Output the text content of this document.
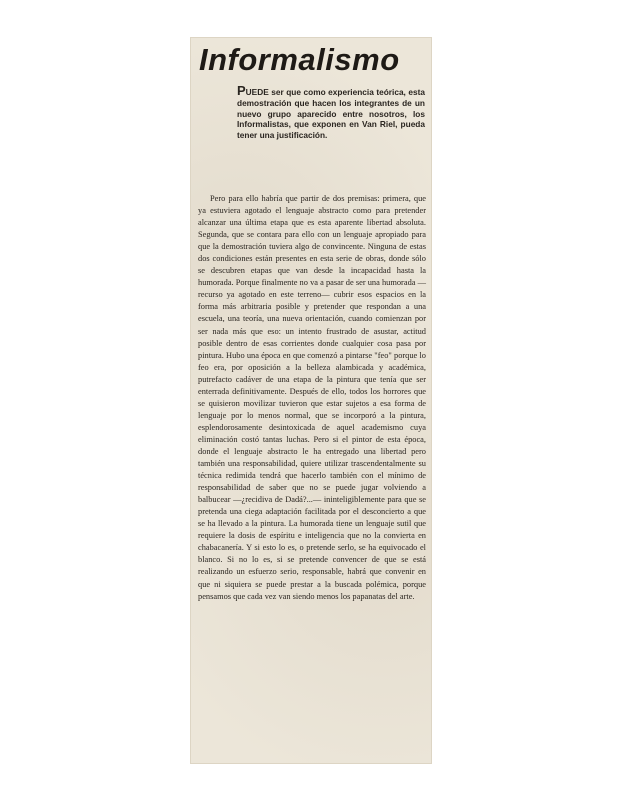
Informalismo

PUEDE ser que como experiencia teórica, esta demostración que hacen los integrantes de un nuevo grupo aparecido entre nosotros, los Informalistas, que exponen en Van Riel, pueda tener una justificación.

Pero para ello habría que partir de dos premisas: primera, que ya estuviera agotado el lenguaje abstracto como para pretender alcanzar una última etapa que es esta aparente libertad absoluta. Segunda, que se contara para ello con un lenguaje apropiado para que la demostración tuviera algo de convincente. Ninguna de estas dos condiciones están presentes en esta serie de obras, donde sólo se descubren etapas que van desde la incapacidad hasta la humorada. Porque finalmente no va a pasar de ser una humorada —recurso ya agotado en este terreno— cubrir esos espacios en la forma más arbitraria posible y pretender que respondan a una escuela, una teoría, una nueva orientación, cuando comienzan por ser nada más que eso: un intento frustrado de asustar, actitud posible dentro de esas corrientes donde cualquier cosa pasa por pintura. Hubo una época en que comenzó a pintarse "feo" porque lo feo era, por oposición a la belleza alambicada y académica, putrefacto cadáver de una etapa de la pintura que tenía que ser enterrada definitivamente. Después de ello, todos los horrores que se quisieron movilizar tuvieron que estar sujetos a esa forma de lenguaje por lo menos normal, que se incorporó a la pintura, esplendorosamente desintoxicada de aquel academismo cuya eliminación costó tantas luchas. Pero si el pintor de esta época, donde el lenguaje abstracto le ha entregado una libertad pero también una responsabilidad, quiere utilizar trascendentalmente su técnica redimida tendrá que hacerlo también con el mínimo de responsabilidad de saber que no se puede jugar volviendo a balbucear —¿recidiva de Dadá?...— ininteligiblemente para que se pretenda una ciega adaptación facilitada por el desconcierto a que se ha llevado a la pintura. La humorada tiene un lenguaje sutil que requiere la dosis de espíritu e inteligencia que no la convierta en chabacanería. Y si esto lo es, o pretende serlo, se ha equivocado el blanco. Si no lo es, si se pretende convencer de que se está realizando un esfuerzo serio, responsable, habrá que convenir en que ni siquiera se puede prestar a la buscada polémica, porque pensamos que cada vez van siendo menos los papanatas del arte.
